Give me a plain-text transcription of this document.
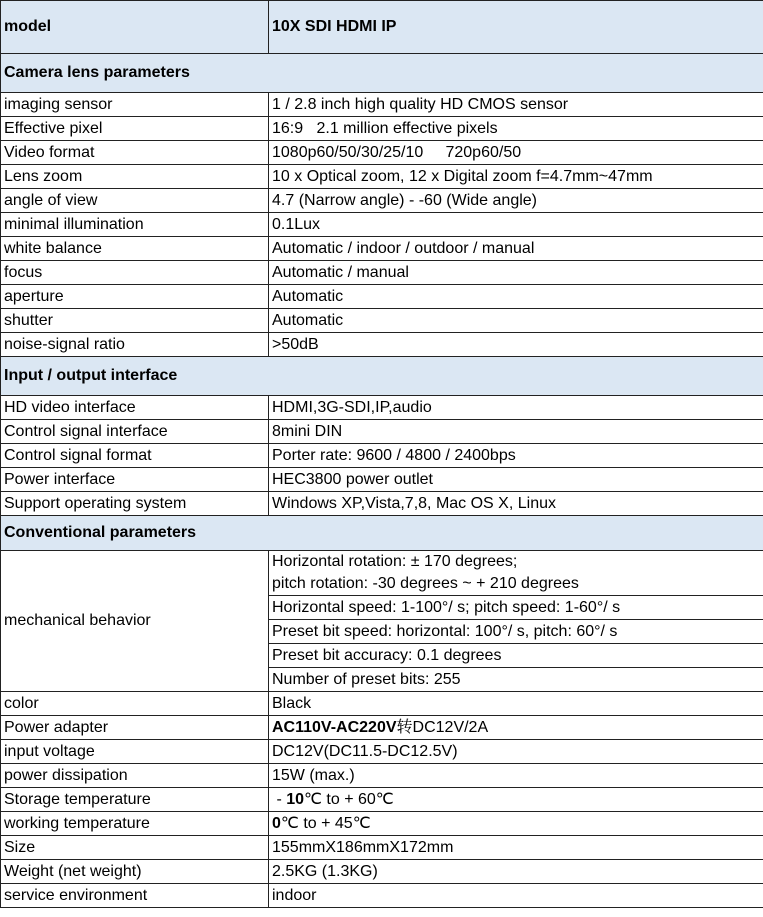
model	10X SDI HDMI IP
Camera lens parameters	
imaging sensor	1 / 2.8 inch high quality HD CMOS sensor
Effective pixel	16:9   2.1 million effective pixels
Video format	1080p60/50/30/25/10     720p60/50
Lens zoom	10 x Optical zoom, 12 x Digital zoom f=4.7mm~47mm
angle of view	4.7 (Narrow angle) - -60 (Wide angle)
minimal illumination	0.1Lux
white balance	Automatic / indoor / outdoor / manual
focus	Automatic / manual
aperture	Automatic
shutter	Automatic
noise-signal ratio	>50dB
Input / output interface	
HD video interface	HDMI,3G-SDI,IP,audio
Control signal interface	8mini DIN
Control signal format	Porter rate: 9600 / 4800 / 2400bps
Power interface	HEC3800 power outlet
Support operating system	Windows XP,Vista,7,8, Mac OS X, Linux
Conventional parameters	
mechanical behavior	Horizontal rotation: ± 170 degrees;
pitch rotation: -30 degrees ~ + 210 degrees

	Horizontal speed: 1-100°/ s; pitch speed: 1-60°/ s
	Preset bit speed: horizontal: 100°/ s, pitch: 60°/ s
	Preset bit accuracy: 0.1 degrees
	Number of preset bits: 255
color	Black
Power adapter	AC110V-AC220V转DC12V/2A
input voltage	DC12V(DC11.5-DC12.5V)
power dissipation	15W (max.)
Storage temperature	- 10℃ to + 60℃
working temperature	0℃ to + 45℃
Size	155mmX186mmX172mm
Weight (net weight)	2.5KG (1.3KG)
service environment	indoor
